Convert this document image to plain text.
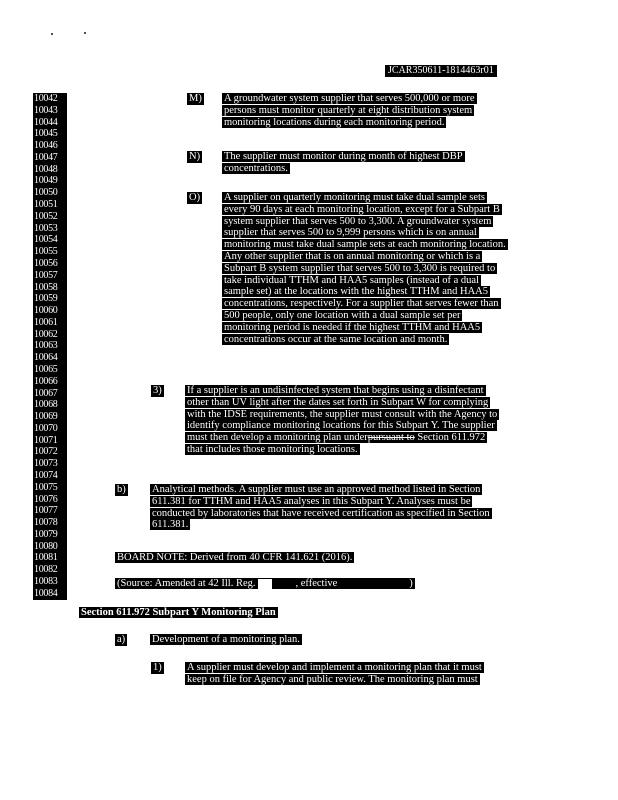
JCAR350611-1814463r01
10042
10043
10044
10045
10046
10047
10048
10049
10050
10051
10052
10053
10054
10055
10056
10057
10058
10059
10060
10061
10062
10063
10064
10065
10066
10067
10068
10069
10070
10071
10072
10073
10074
10075
10076
10077
10078
10079
10080
10081
10082
10083
10084
M) A groundwater system supplier that serves 500,000 or more
persons must monitor quarterly at eight distribution system
monitoring locations during each monitoring period.
N) The supplier must monitor during month of highest DBP
concentrations.
O) A supplier on quarterly monitoring must take dual sample sets
every 90 days at each monitoring location, except for a Subpart B
system supplier that serves 500 to 3,300. A groundwater system
supplier that serves 500 to 9,999 persons which is on annual
monitoring must take dual sample sets at each monitoring location.
Any other supplier that is on annual monitoring or which is a
Subpart B system supplier that serves 500 to 3,300 is required to
take individual TTHM and HAA5 samples (instead of a dual
sample set) at the locations with the highest TTHM and HAA5
concentrations, respectively. For a supplier that serves fewer than
500 people, only one location with a dual sample set per
monitoring period is needed if the highest TTHM and HAA5
concentrations occur at the same location and month.
3) If a supplier is an undisinfected system that begins using a disinfectant
other than UV light after the dates set forth in Subpart W for complying
with the IDSE requirements, the supplier must consult with the Agency to
identify compliance monitoring locations for this Subpart Y. The supplier
must then develop a monitoring plan underpursuant to Section 611.972
that includes those monitoring locations.
b)	Analytical methods. A supplier must use an approved method listed in Section
611.381 for TTHM and HAA5 analyses in this Subpart Y. Analyses must be
conducted by laboratories that have received certification as specified in Section
611.381.
BOARD NOTE: Derived from 40 CFR 141.621 (2016).
(Source: Amended at 42 Ill. Reg.	, effective	)
Section 611.972 Subpart Y Monitoring Plan
a)	Development of a monitoring plan.
1) A supplier must develop and implement a monitoring plan that it must
keep on file for Agency and public review. The monitoring plan must
